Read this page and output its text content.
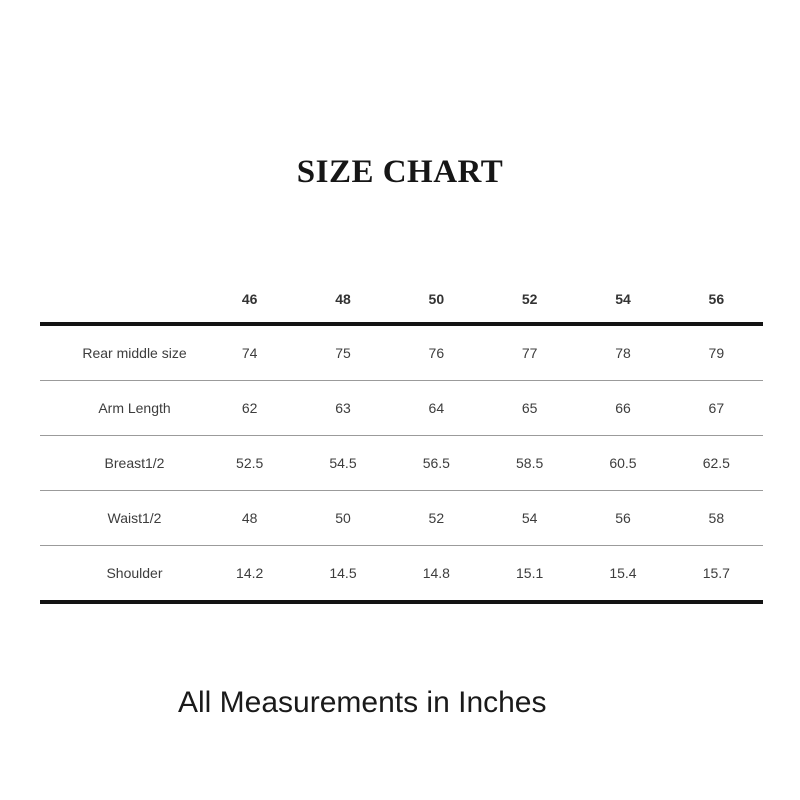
SIZE CHART
	46	48	50	52	54	56
Rear middle size	74	75	76	77	78	79
Arm Length	62	63	64	65	66	67
Breast1/2	52.5	54.5	56.5	58.5	60.5	62.5
Waist1/2	48	50	52	54	56	58
Shoulder	14.2	14.5	14.8	15.1	15.4	15.7
All Measurements in Inches
